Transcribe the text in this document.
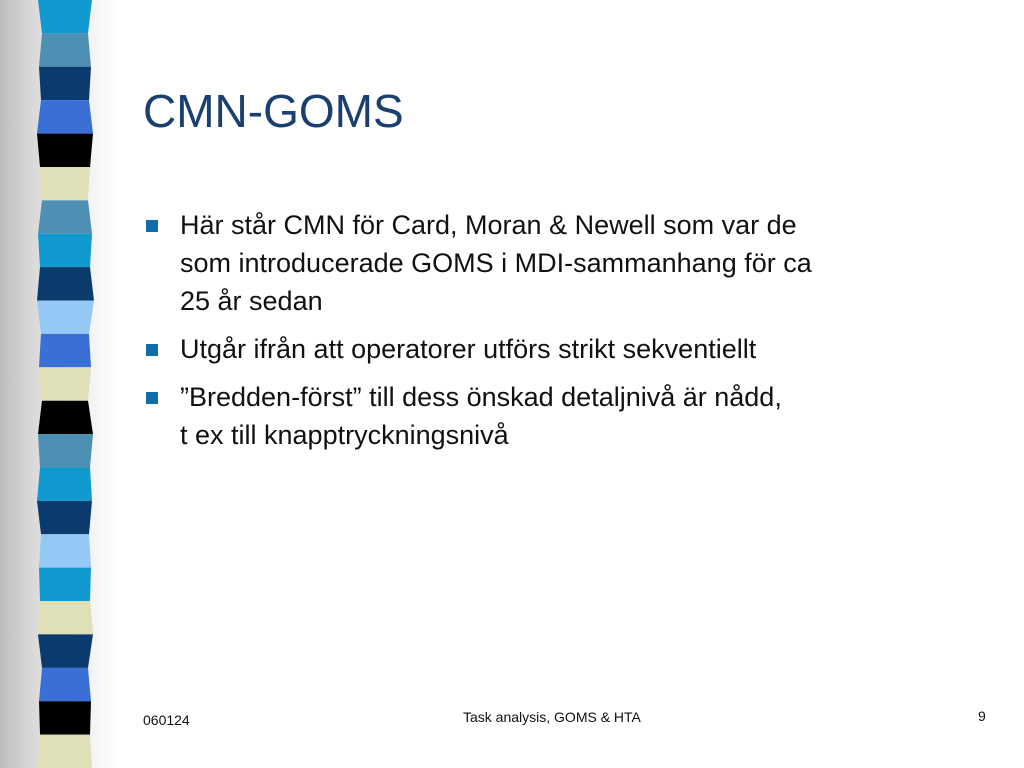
CMN-GOMS
Här står CMN för Card, Moran & Newell som var de
som introducerade GOMS i MDI-sammanhang för ca
25 år sedan
Utgår ifrån att operatorer utförs strikt sekventiellt
”Bredden-först” till dess önskad detaljnivå är nådd,
t ex till knapptryckningsnivå
060124	Task analysis, GOMS & HTA	9
